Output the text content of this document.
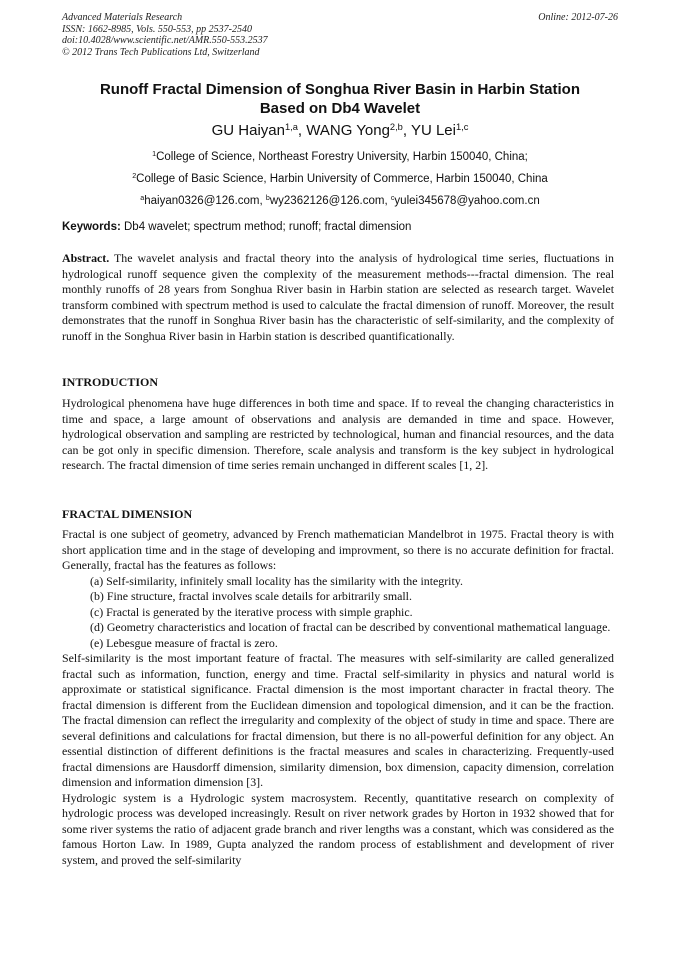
Advanced Materials Research
ISSN: 1662-8985, Vols. 550-553, pp 2537-2540
doi:10.4028/www.scientific.net/AMR.550-553.2537
© 2012 Trans Tech Publications Ltd, Switzerland
Online: 2012-07-26
Runoff Fractal Dimension of Songhua River Basin in Harbin Station
Based on Db4 Wavelet
GU Haiyan$^{1,a}$, WANG Yong$^{2,b}$, YU Lei$^{1,c}$
$^1$College of Science, Northeast Forestry University, Harbin 150040, China;
$^2$College of Basic Science, Harbin University of Commerce, Harbin 150040, China
$^a$haiyan0326@126.com, $^b$wy2362126@126.com, $^c$yulei345678@yahoo.com.cn
Keywords: Db4 wavelet; spectrum method; runoff; fractal dimension
Abstract. The wavelet analysis and fractal theory into the analysis of hydrological time series, fluctuations in hydrological runoff sequence given the complexity of the measurement methods---fractal dimension. The real monthly runoffs of 28 years from Songhua River basin in Harbin station are selected as research target. Wavelet transform combined with spectrum method is used to calculate the fractal dimension of runoff. Moreover, the result demonstrates that the runoff in Songhua River basin has the characteristic of self-similarity, and the complexity of runoff in the Songhua River basin in Harbin station is described quantificationally.
INTRODUCTION
Hydrological phenomena have huge differences in both time and space. If to reveal the changing characteristics in time and space, a large amount of observations and analysis are demanded in time and space. However, hydrological observation and sampling are restricted by technological, human and financial resources, and the data can be got only in specific dimension. Therefore, scale analysis and transform is the key subject in hydrological research. The fractal dimension of time series remain unchanged in different scales [1, 2].
FRACTAL DIMENSION

Fractal is one subject of geometry, advanced by French mathematician Mandelbrot in 1975. Fractal theory is with short application time and in the stage of developing and improvment, so there is no accurate definition for fractal. Generally, fractal has the features as follows:

(a) Self-similarity, infinitely small locality has the similarity with the integrity.
(b) Fine structure, fractal involves scale details for arbitrarily small.
(c) Fractal is generated by the iterative process with simple graphic.
(d) Geometry characteristics and location of fractal can be described by conventional mathematical language.
(e) Lebesgue measure of fractal is zero.

Self-similarity is the most important feature of fractal. The measures with self-similarity are called generalized fractal such as information, function, energy and time. Fractal self-similarity in physics and natural world is approximate or statistical significance. Fractal dimension is the most important character in fractal theory. The fractal dimension is different from the Euclidean dimension and topological dimension, and it can be the fraction. The fractal dimension can reflect the irregularity and complexity of the object of study in time and space. There are several definitions and calculations for fractal dimension, but there is no all-powerful definition for any object. An essential distinction of different definitions is the fractal measures and scales in characterizing. Frequently-used fractal dimensions are Hausdorff dimension, similarity dimension, box dimension, capacity dimension, correlation dimension and information dimension [3].

Hydrologic system is a Hydrologic system macrosystem. Recently, quantitative research on complexity of hydrologic process was developed increasingly. Result on river network grades by Horton in 1932 showed that for some river systems the ratio of adjacent grade branch and river lengths was a constant, which was considered as the famous Horton Law. In 1989, Gupta analyzed the random process of establishment and development of river system, and proved the self-similarity
